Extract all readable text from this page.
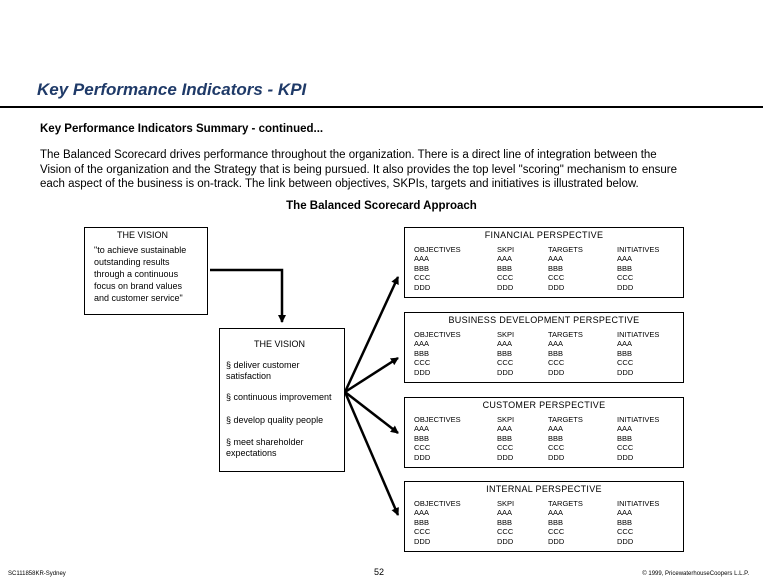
Key Performance Indicators - KPI
Key Performance Indicators Summary - continued...
The Balanced Scorecard drives performance throughout the organization. There is a direct line of integration between the
Vision of the organization and the Strategy that is being pursued. It also provides the top level "scoring" mechanism to ensure
each aspect of the business is on-track. The link between objectives, SKPIs, targets and initiatives is illustrated below.
The Balanced Scorecard Approach
THE VISION
"to achieve sustainable
outstanding results
through a continuous
focus on brand values
and customer service"
THE VISION
§ deliver customer
satisfaction
§ continuous improvement
§ develop quality people
§ meet shareholder
expectations
FINANCIAL PERSPECTIVE
OBJECTIVES
AAA
BBB
CCC
DDD
SKPI
AAA
BBB
CCC
DDD
TARGETS
AAA
BBB
CCC
DDD
INITIATIVES
AAA
BBB
CCC
DDD
BUSINESS DEVELOPMENT PERSPECTIVE
OBJECTIVES
AAA
BBB
CCC
DDD
SKPI
AAA
BBB
CCC
DDD
TARGETS
AAA
BBB
CCC
DDD
INITIATIVES
AAA
BBB
CCC
DDD
CUSTOMER PERSPECTIVE
OBJECTIVES
AAA
BBB
CCC
DDD
SKPI
AAA
BBB
CCC
DDD
TARGETS
AAA
BBB
CCC
DDD
INITIATIVES
AAA
BBB
CCC
DDD
INTERNAL PERSPECTIVE
OBJECTIVES
AAA
BBB
CCC
DDD
SKPI
AAA
BBB
CCC
DDD
TARGETS
AAA
BBB
CCC
DDD
INITIATIVES
AAA
BBB
CCC
DDD
SC111858KR-Sydney	52	© 1999, PricewaterhouseCoopers L.L.P.
